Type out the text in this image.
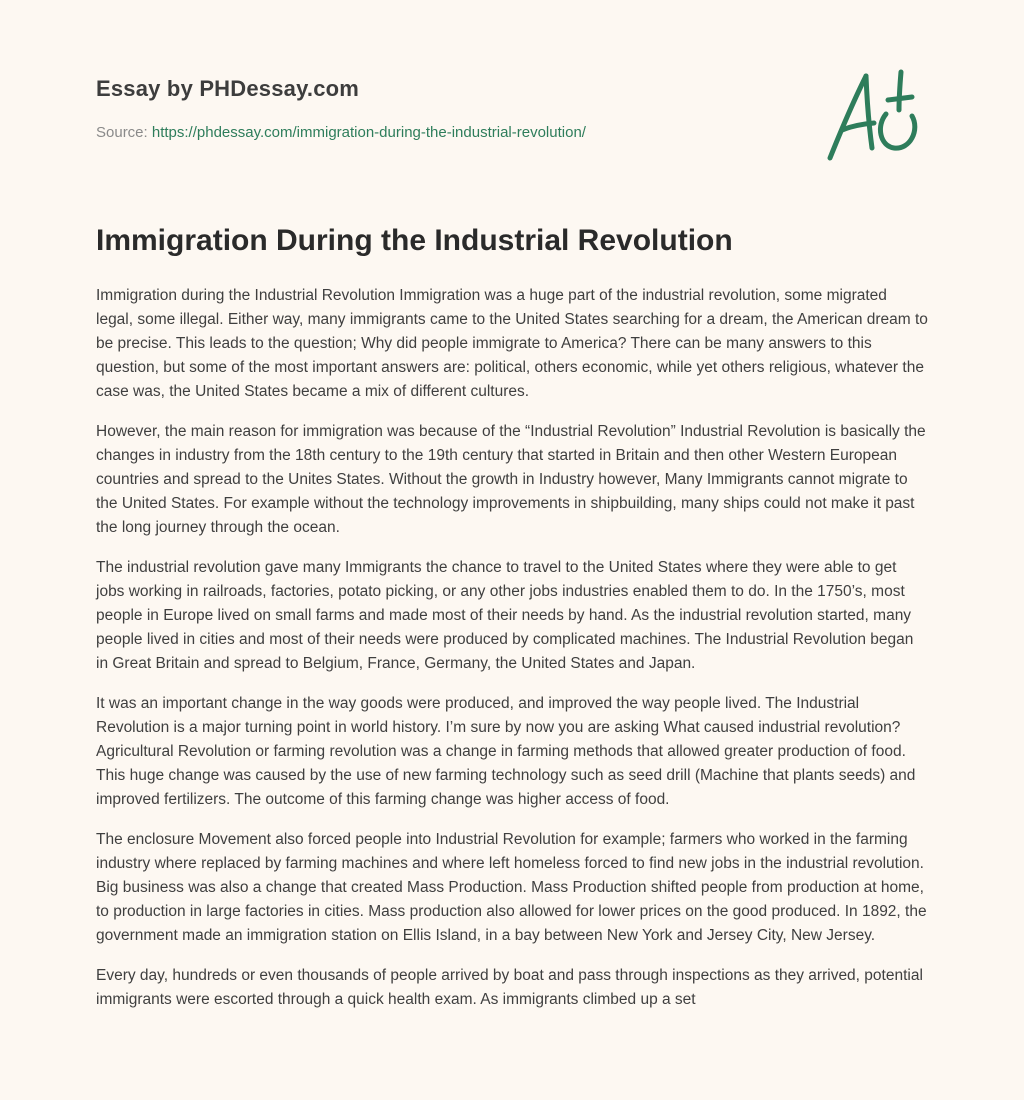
Essay by PHDessay.com
Source: https://phdessay.com/immigration-during-the-industrial-revolution/
Immigration During the Industrial Revolution

Immigration during the Industrial Revolution Immigration was a huge part of the industrial revolution, some migrated legal, some illegal. Either way, many immigrants came to the United States searching for a dream, the American dream to be precise. This leads to the question; Why did people immigrate to America? There can be many answers to this question, but some of the most important answers are: political, others economic, while yet others religious, whatever the case was, the United States became a mix of different cultures.

However, the main reason for immigration was because of the “Industrial Revolution” Industrial Revolution is basically the changes in industry from the 18th century to the 19th century that started in Britain and then other Western European countries and spread to the Unites States. Without the growth in Industry however, Many Immigrants cannot migrate to the United States. For example without the technology improvements in shipbuilding, many ships could not make it past the long journey through the ocean.

The industrial revolution gave many Immigrants the chance to travel to the United States where they were able to get jobs working in railroads, factories, potato picking, or any other jobs industries enabled them to do. In the 1750’s, most people in Europe lived on small farms and made most of their needs by hand. As the industrial revolution started, many people lived in cities and most of their needs were produced by complicated machines. The Industrial Revolution began in Great Britain and spread to Belgium, France, Germany, the United States and Japan.

It was an important change in the way goods were produced, and improved the way people lived. The Industrial Revolution is a major turning point in world history. I’m sure by now you are asking What caused industrial revolution? Agricultural Revolution or farming revolution was a change in farming methods that allowed greater production of food. This huge change was caused by the use of new farming technology such as seed drill (Machine that plants seeds) and improved fertilizers. The outcome of this farming change was higher access of food.

The enclosure Movement also forced people into Industrial Revolution for example; farmers who worked in the farming industry where replaced by farming machines and where left homeless forced to find new jobs in the industrial revolution. Big business was also a change that created Mass Production. Mass Production shifted people from production at home, to production in large factories in cities. Mass production also allowed for lower prices on the good produced. In 1892, the government made an immigration station on Ellis Island, in a bay between New York and Jersey City, New Jersey.

Every day, hundreds or even thousands of people arrived by boat and pass through inspections as they arrived, potential immigrants were escorted through a quick health exam. As immigrants climbed up a set
